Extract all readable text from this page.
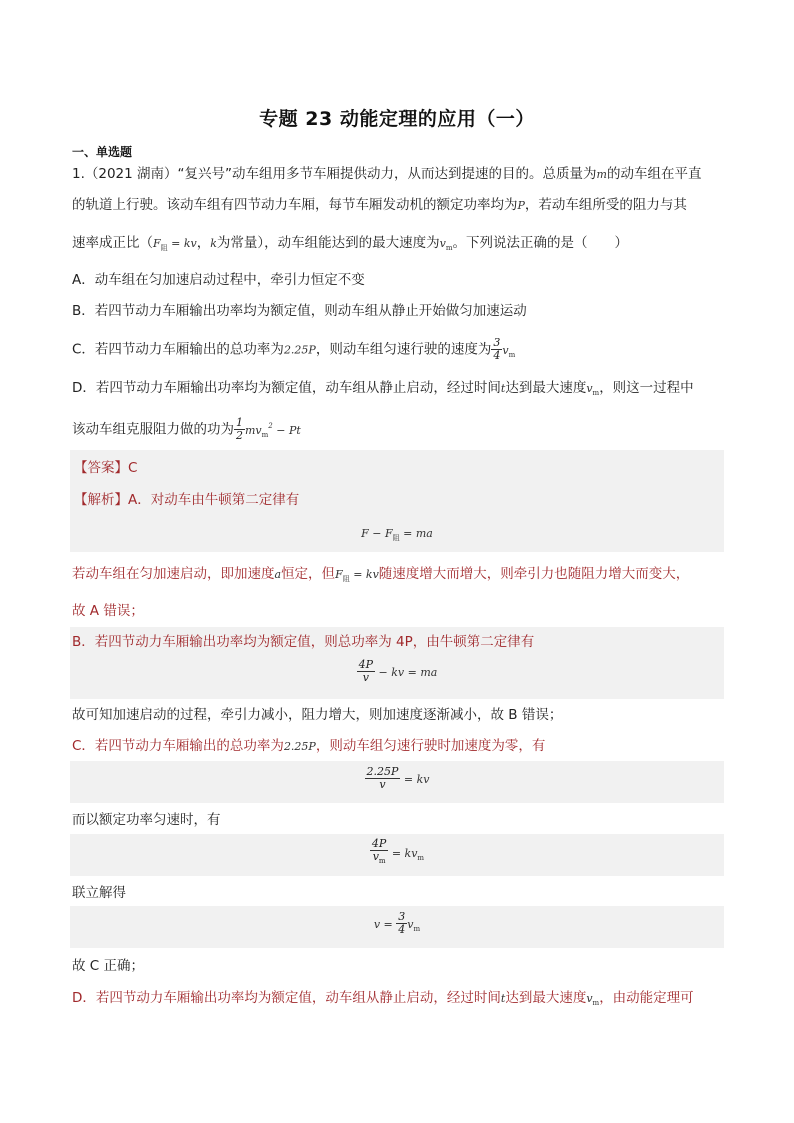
专题 23 动能定理的应用（一）
一、单选题
1.（2021 湖南）“复兴号”动车组用多节车厢提供动力，从而达到提速的目的。总质量为m的动车组在平直
的轨道上行驶。该动车组有四节动力车厢，每节车厢发动机的额定功率均为P，若动车组所受的阻力与其
速率成正比（$F_阻$ = kv，k为常量），动车组能达到的最大速度为$v_m$。下列说法正确的是（　　）
A．动车组在匀加速启动过程中，牵引力恒定不变
B．若四节动力车厢输出功率均为额定值，则动车组从静止开始做匀加速运动
C．若四节动力车厢输出的总功率为2.25P，则动车组匀速行驶的速度为 $\frac{3}{4} v_m$
D．若四节动力车厢输出功率均为额定值，动车组从静止启动，经过时间t达到最大速度$v_m$，则这一过程中
该动车组克服阻力做的功为 $\frac{1}{2} mv_m^2 - Pt$
【答案】C
【解析】A．对动车由牛顿第二定律有
$F - F_阻$ = ma
若动车组在匀加速启动，即加速度a恒定，但$F_阻$ = kv随速度增大而增大，则牵引力也随阻力增大而变大，
故 A 错误；
B．若四节动力车厢输出功率均为额定值，则总功率为 4P，由牛顿第二定律有
$\frac{4P}{v}$ − kv = ma
故可知加速启动的过程，牵引力减小，阻力增大，则加速度逐渐减小，故 B 错误；
C．若四节动力车厢输出的总功率为2.25P，则动车组匀速行驶时加速度为零，有
$\frac{2.25P}{v}$ = kv
而以额定功率匀速时，有
$\frac{4P}{v_m} = kv_m$
联立解得
$v = \frac{3}{4} v_m$
故 C 正确；
D．若四节动力车厢输出功率均为额定值，动车组从静止启动，经过时间t达到最大速度$v_m$，由动能定理可
